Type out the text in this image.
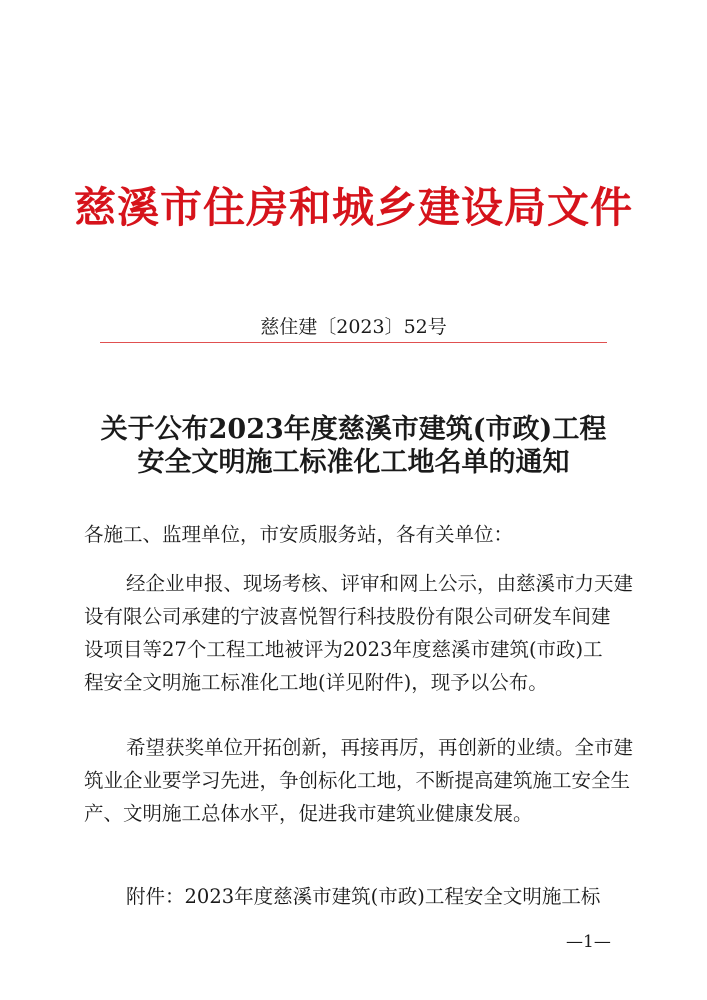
慈溪市住房和城乡建设局文件
慈住建〔2023〕52号
关于公布2023年度慈溪市建筑(市政)工程
安全文明施工标准化工地名单的通知
各施工、监理单位，市安质服务站，各有关单位：
经企业申报、现场考核、评审和网上公示，由慈溪市力天建
设有限公司承建的宁波喜悦智行科技股份有限公司研发车间建
设项目等27个工程工地被评为2023年度慈溪市建筑(市政)工
程安全文明施工标准化工地(详见附件)，现予以公布。
希望获奖单位开拓创新，再接再厉，再创新的业绩。全市建
筑业企业要学习先进，争创标化工地，不断提高建筑施工安全生
产、文明施工总体水平，促进我市建筑业健康发展。
附件：2023年度慈溪市建筑(市政)工程安全文明施工标
—1—
